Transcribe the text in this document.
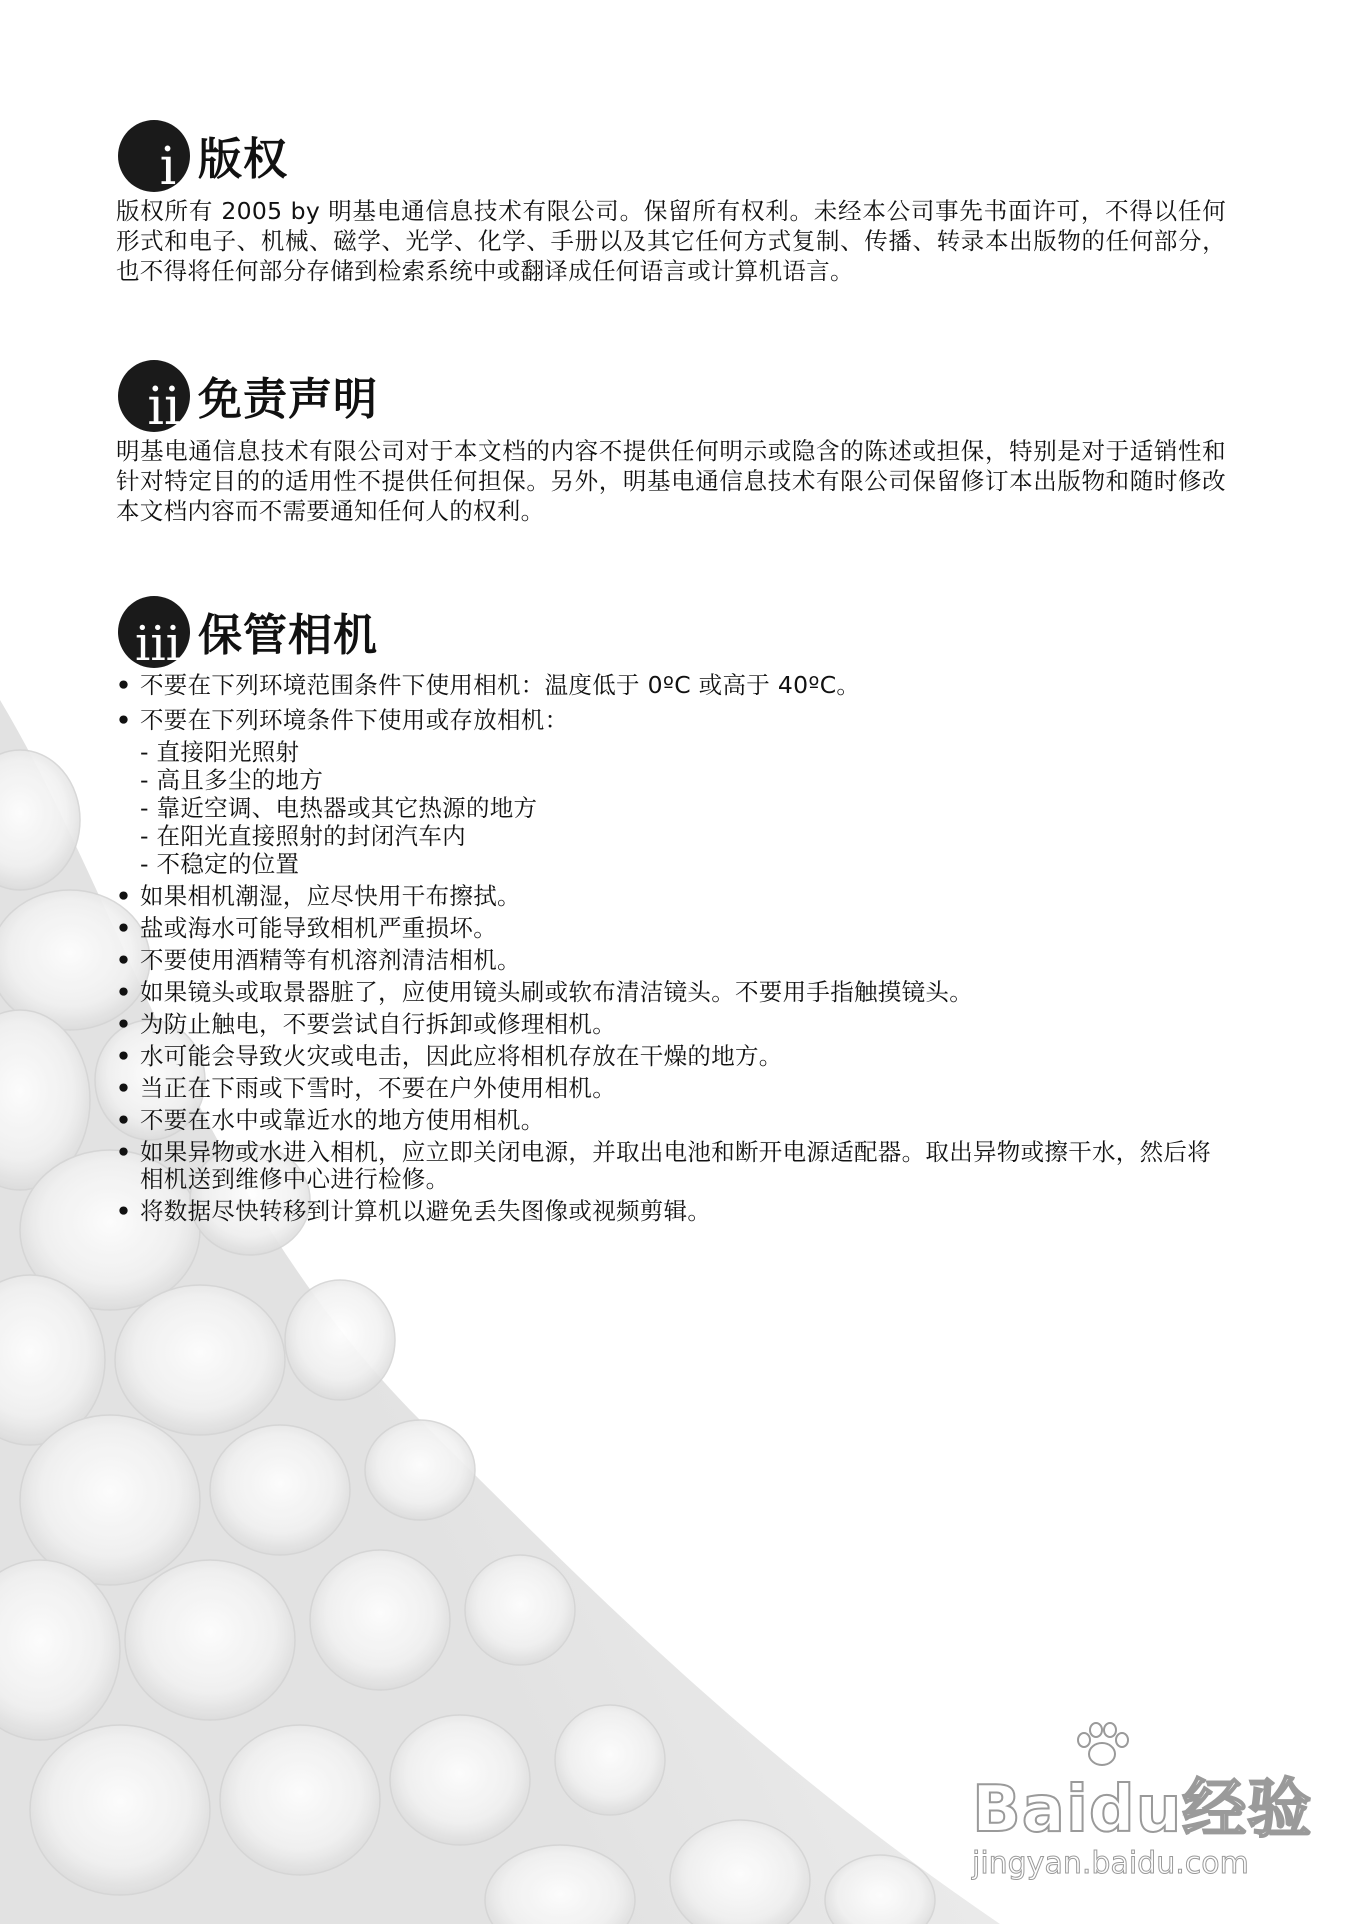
i 版权

版权所有 2005 by 明基电通信息技术有限公司。保留所有权利。未经本公司事先书面许可，不得以任何形式和电子、机械、磁学、光学、化学、手册以及其它任何方式复制、传播、转录本出版物的任何部分，也不得将任何部分存储到检索系统中或翻译成任何语言或计算机语言。

ii 免责声明

明基电通信息技术有限公司对于本文档的内容不提供任何明示或隐含的陈述或担保，特别是对于适销性和针对特定目的的适用性不提供任何担保。另外，明基电通信息技术有限公司保留修订本出版物和随时修改本文档内容而不需要通知任何人的权利。

iii 保管相机
• 不要在下列环境范围条件下使用相机：温度低于 0ºC 或高于 40ºC。
• 不要在下列环境条件下使用或存放相机：
- 直接阳光照射
- 高且多尘的地方
- 靠近空调、电热器或其它热源的地方
- 在阳光直接照射的封闭汽车内
- 不稳定的位置
• 如果相机潮湿，应尽快用干布擦拭。
• 盐或海水可能导致相机严重损坏。
• 不要使用酒精等有机溶剂清洁相机。
• 如果镜头或取景器脏了，应使用镜头刷或软布清洁镜头。不要用手指触摸镜头。
• 为防止触电，不要尝试自行拆卸或修理相机。
• 水可能会导致火灾或电击，因此应将相机存放在干燥的地方。
• 当正在下雨或下雪时，不要在户外使用相机。
• 不要在水中或靠近水的地方使用相机。
• 如果异物或水进入相机，应立即关闭电源，并取出电池和断开电源适配器。取出异物或擦干水，然后将相机送到维修中心进行检修。
• 将数据尽快转移到计算机以避免丢失图像或视频剪辑。
Baidu经验
jingyan.baidu.com
